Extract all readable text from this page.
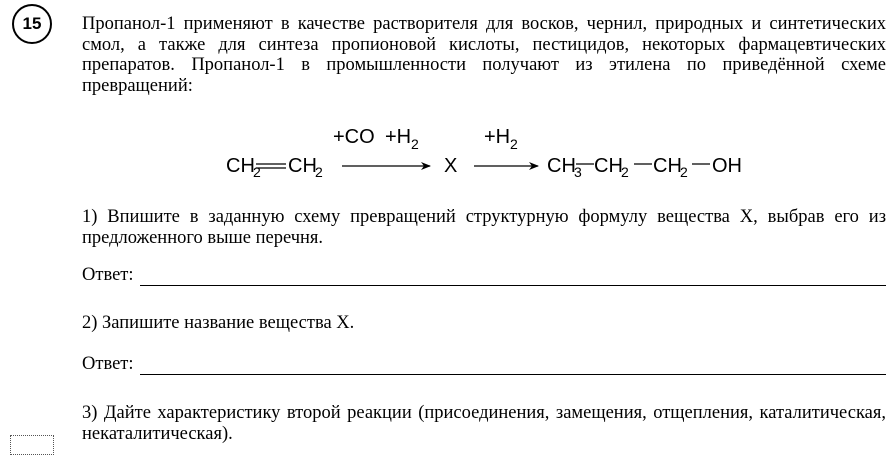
15 Пропанол-1 применяют в качестве растворителя для восков, чернил, природных и синтетических смол, а также для синтеза пропионовой кислоты, пестицидов, некоторых фармацевтических препаратов. Пропанол-1 в промышленности получают из этилена по приведённой схеме превращений:

CH
2 CH
2
+CO +H 2
X
+H 2
CH
3 CH
2 CH
2 OH

1) Впишите в заданную схему превращений структурную формулу вещества X, выбрав его из предложенного выше перечня.

Ответ:

2) Запишите название вещества X.

Ответ:

3) Дайте характеристику второй реакции (присоединения, замещения, отщепления, каталитическая, некаталитическая).
